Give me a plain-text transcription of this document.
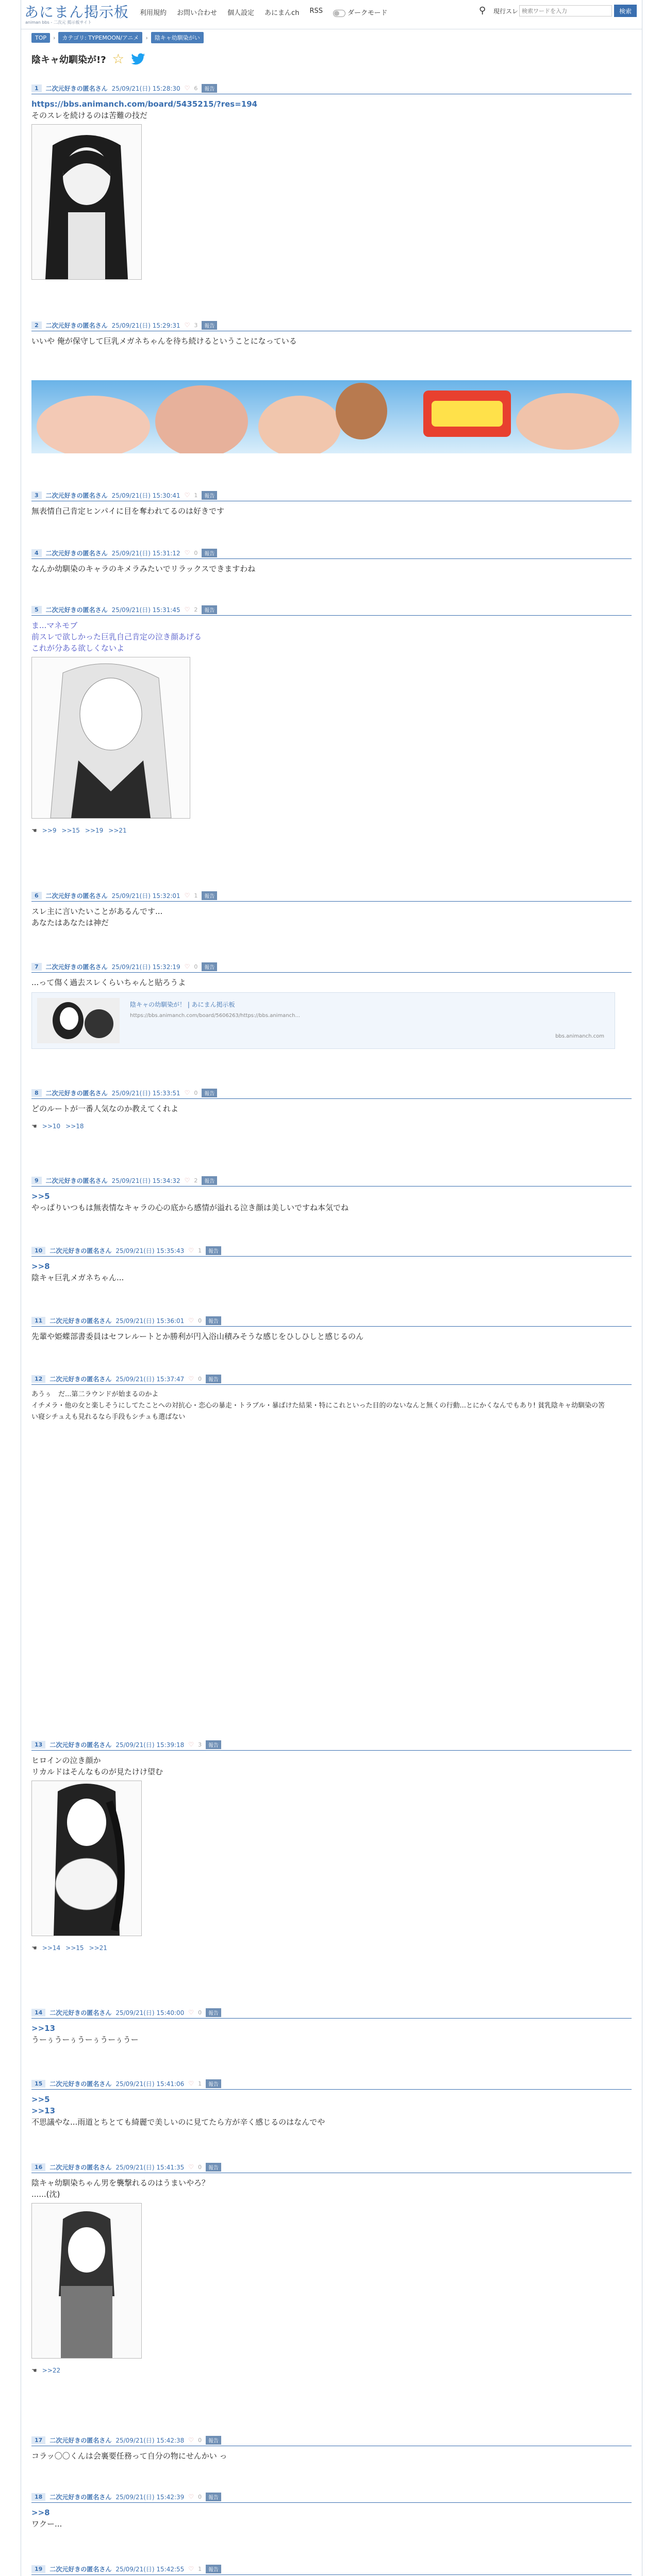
あにまん掲示板
animan bbs - 二次元 掲示板サイト
利用規約 お問い合わせ 個人設定 あにまんch RSS	ダークモード	⚲ 現行スレ
検索ワードを入力	検索
TOP	›	カテゴリ: TYPEMOON/アニメ	›	陰キャ幼馴染がい
陰キャ幼馴染が!? ☆
1	二次元好きの匿名さん 25/09/21(日) 15:28:30 ♡ 6	報告
https://bbs.animanch.com/board/5435215/?res=194
そのスレを続けるのは苦難の技だ
2	二次元好きの匿名さん 25/09/21(日) 15:29:31 ♡ 3	報告
いいや 俺が保守して巨乳メガネちゃんを待ち続けるということになっている
3	二次元好きの匿名さん 25/09/21(日) 15:30:41 ♡ 1	報告
無表情自己肯定ヒンパイに目を奪われてるのは好きです
4	二次元好きの匿名さん 25/09/21(日) 15:31:12 ♡ 0	報告
なんか幼馴染のキャラのキメラみたいでリラックスできますわね
5	二次元好きの匿名さん 25/09/21(日) 15:31:45 ♡ 2	報告
ま...マネモブ
前スレで欲しかった巨乳自己肯定の泣き顔あげる
これが分ある欲しくないよ
☚ >>9 >>15 >>19 >>21
6	二次元好きの匿名さん 25/09/21(日) 15:32:01 ♡ 1	報告
スレ主に言いたいことがあるんです...
あなたはあなたは神だ
7	二次元好きの匿名さん 25/09/21(日) 15:32:19 ♡ 0	報告
...って傷く過去スレくらいちゃんと貼ろうよ
陰キャの幼馴染が！ | あにまん掲示板
https://bbs.animanch.com/board/5606263/https://bbs.animanch...
bbs.animanch.com
8	二次元好きの匿名さん 25/09/21(日) 15:33:51 ♡ 0	報告
どのルートが一番人気なのか教えてくれよ
☚ >>10 >>18
9	二次元好きの匿名さん 25/09/21(日) 15:34:32 ♡ 2	報告
>>5
やっぱりいつもは無表情なキャラの心の底から感情が溢れる泣き顔は美しいですね本気でね
10	二次元好きの匿名さん 25/09/21(日) 15:35:43 ♡ 1	報告
>>8
陰キャ巨乳メガネちゃん...
11	二次元好きの匿名さん 25/09/21(日) 15:36:01 ♡ 0	報告
先輩や姫蝶部書委員はセフレルートとか勝利が円入浴山積みそうな感じをひしひしと感じるのん
12	二次元好きの匿名さん 25/09/21(日) 15:37:47 ♡ 0	報告
あうぅ　だ...第二ラウンドが始まるのかよ
イチメラ・他の女と楽しそうにしてたことへの対抗心・恋心の暴走・トラブル・暴ばけた結果・特にこれといった目的のないなんと無くの行動...とにかくなんでもあり! 貧乳陰キャ幼馴染の筈い寝シチュえも見れるなら手段もシチュも選ばない
13	二次元好きの匿名さん 25/09/21(日) 15:39:18 ♡ 3	報告
ヒロインの泣き顔か
リカルドはそんなものが見たけけ望む
☚ >>14 >>15 >>21
14	二次元好きの匿名さん 25/09/21(日) 15:40:00 ♡ 0	報告
>>13
うーぅうーぅうーぅうーぅうー
15	二次元好きの匿名さん 25/09/21(日) 15:41:06 ♡ 1	報告
>>5
>>13
不思議やな...雨道とちとても綺麗で美しいのに見てたら方が辛く感じるのはなんでや
16	二次元好きの匿名さん 25/09/21(日) 15:41:35 ♡ 0	報告
陰キャ幼馴染ちゃん男を襲撃れるのはうまいやろ？
......(沈)
☚ >>22
17	二次元好きの匿名さん 25/09/21(日) 15:42:38 ♡ 0	報告
コラッ〇〇くんは会裏要任務って自分の物にせんかい っ
18	二次元好きの匿名さん 25/09/21(日) 15:42:39 ♡ 0	報告
>>8
ワクー...
19	二次元好きの匿名さん 25/09/21(日) 15:42:55 ♡ 1	報告
